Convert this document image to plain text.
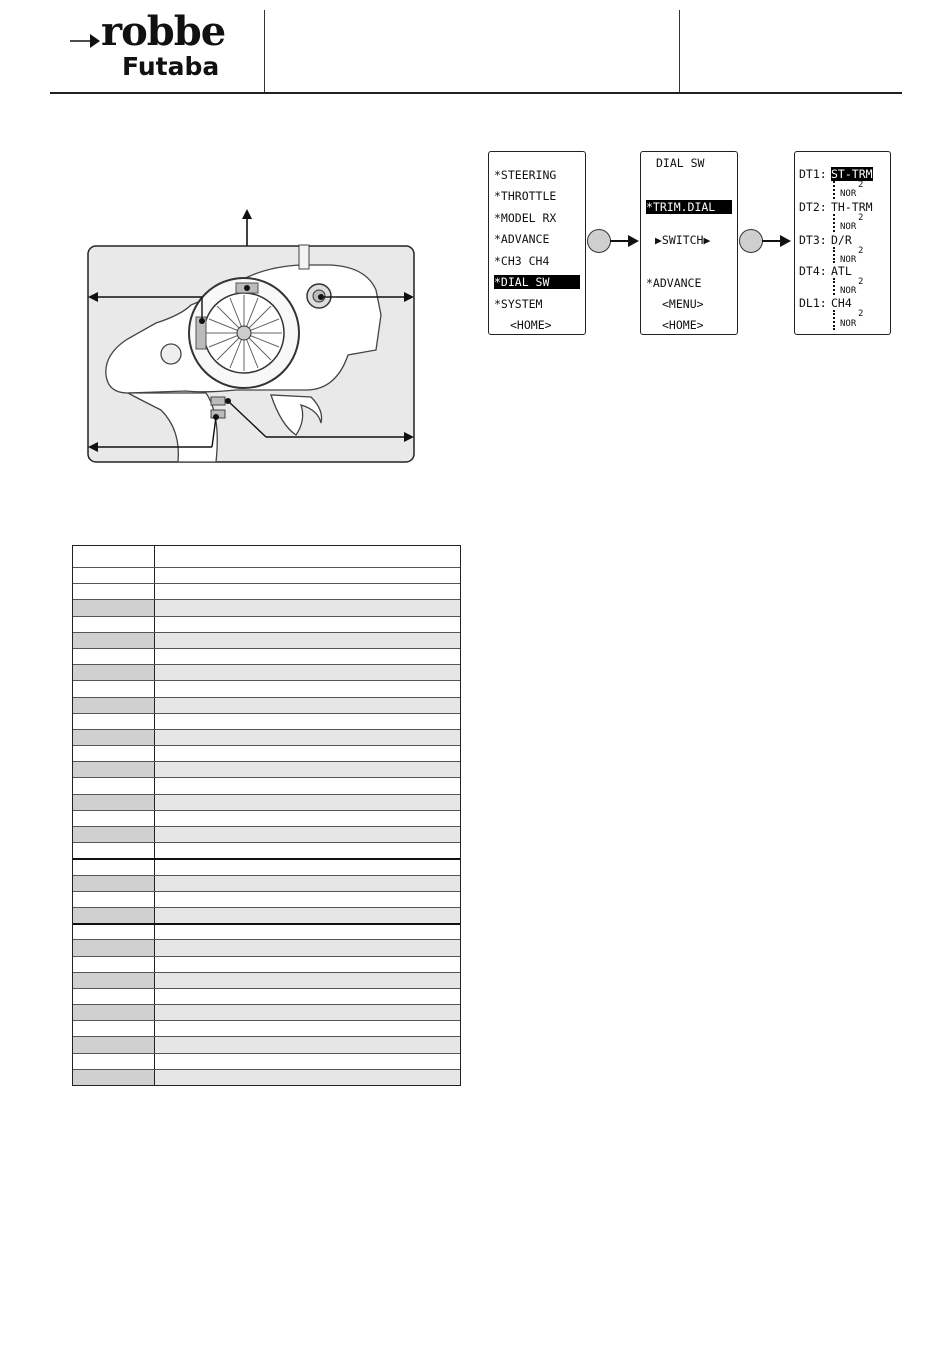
robbe
Futaba
*STEERING
*THROTTLE
*MODEL RX
*ADVANCE
*CH3 CH4
*DIAL SW
*SYSTEM
<HOME>
DIAL SW
*TRIM.DIAL
▶SWITCH▶
*ADVANCE
<MENU>
<HOME>
DT1: ST-TRM
2
NOR
DT2: TH-TRM
2
NOR
DT3: D/R
2
NOR
DT4: ATL
2
NOR
DL1: CH4
2
NOR
